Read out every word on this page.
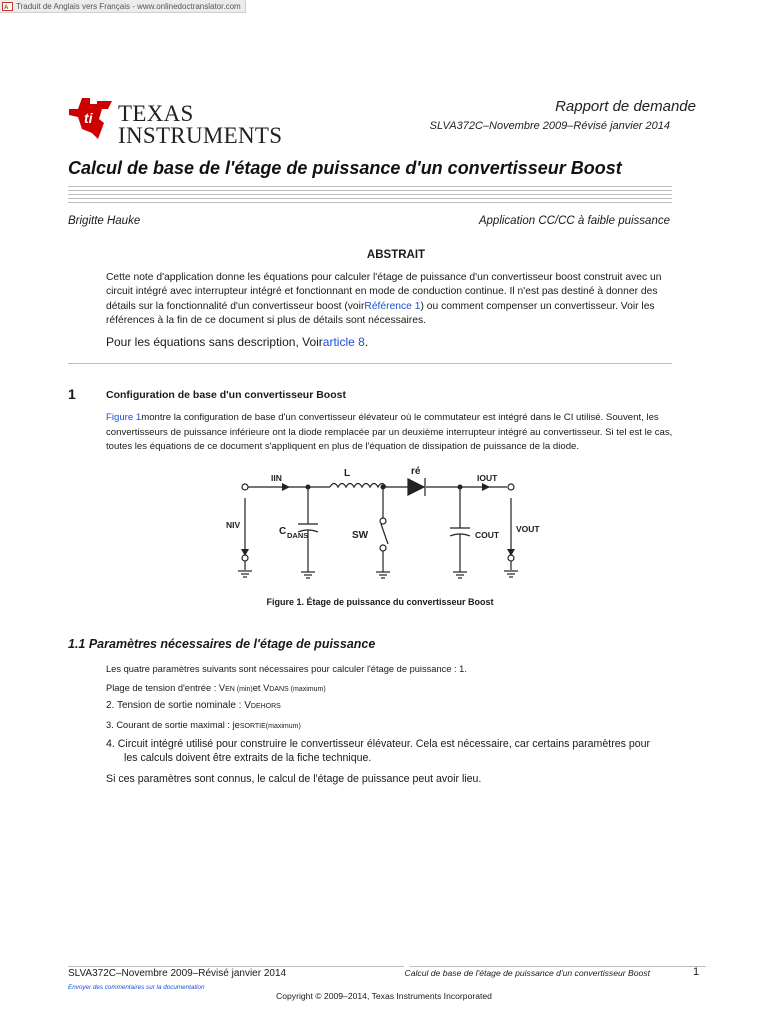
A Traduit de Anglais vers Français - www.onlinedoctranslator.com
ti TEXAS
INSTRUMENTS
Rapport de demande
SLVA372C–Novembre 2009–Révisé janvier 2014
Calcul de base de l'étage de puissance d'un convertisseur Boost
Brigitte Hauke	Application CC/CC à faible puissance
ABSTRAIT
Cette note d'application donne les équations pour calculer l'étage de puissance d'un convertisseur boost construit avec un circuit intégré avec interrupteur intégré et fonctionnant en mode de conduction continue. Il n'est pas destiné à donner des détails sur la fonctionnalité d'un convertisseur boost (voirRéférence 1) ou comment compenser un convertisseur. Voir les références à la fin de ce document si plus de détails sont nécessaires.
Pour les équations sans description, Voirarticle 8.
1	Configuration de base d'un convertisseur Boost
Figure 1montre la configuration de base d'un convertisseur élévateur où le commutateur est intégré dans le CI utilisé. Souvent, les convertisseurs de puissance inférieure ont la diode remplacée par un deuxième interrupteur intégré au convertisseur. Si tel est le cas, toutes les équations de ce document s'appliquent en plus de l'équation de dissipation de puissance de la diode.
IIN	L	ré
IOUT
NIV
C DANS	SW	COUT
VOUT
Figure 1. Étage de puissance du convertisseur Boost
1.1 Paramètres nécessaires de l'étage de puissance
Les quatre paramètres suivants sont nécessaires pour calculer l'étage de puissance : 1.
Plage de tension d'entrée : VEN (min)et VDANS (maximum)
2. Tension de sortie nominale : VDEHORS
3. Courant de sortie maximal : jeSORTIE(maximum)
4. Circuit intégré utilisé pour construire le convertisseur élévateur. Cela est nécessaire, car certains paramètres pour
les calculs doivent être extraits de la fiche technique.
Si ces paramètres sont connus, le calcul de l'étage de puissance peut avoir lieu.
SLVA372C–Novembre 2009–Révisé janvier 2014	Calcul de base de l'étage de puissance d'un convertisseur Boost	1
Envoyer des commentaires sur la documentation
Copyright © 2009–2014, Texas Instruments Incorporated
